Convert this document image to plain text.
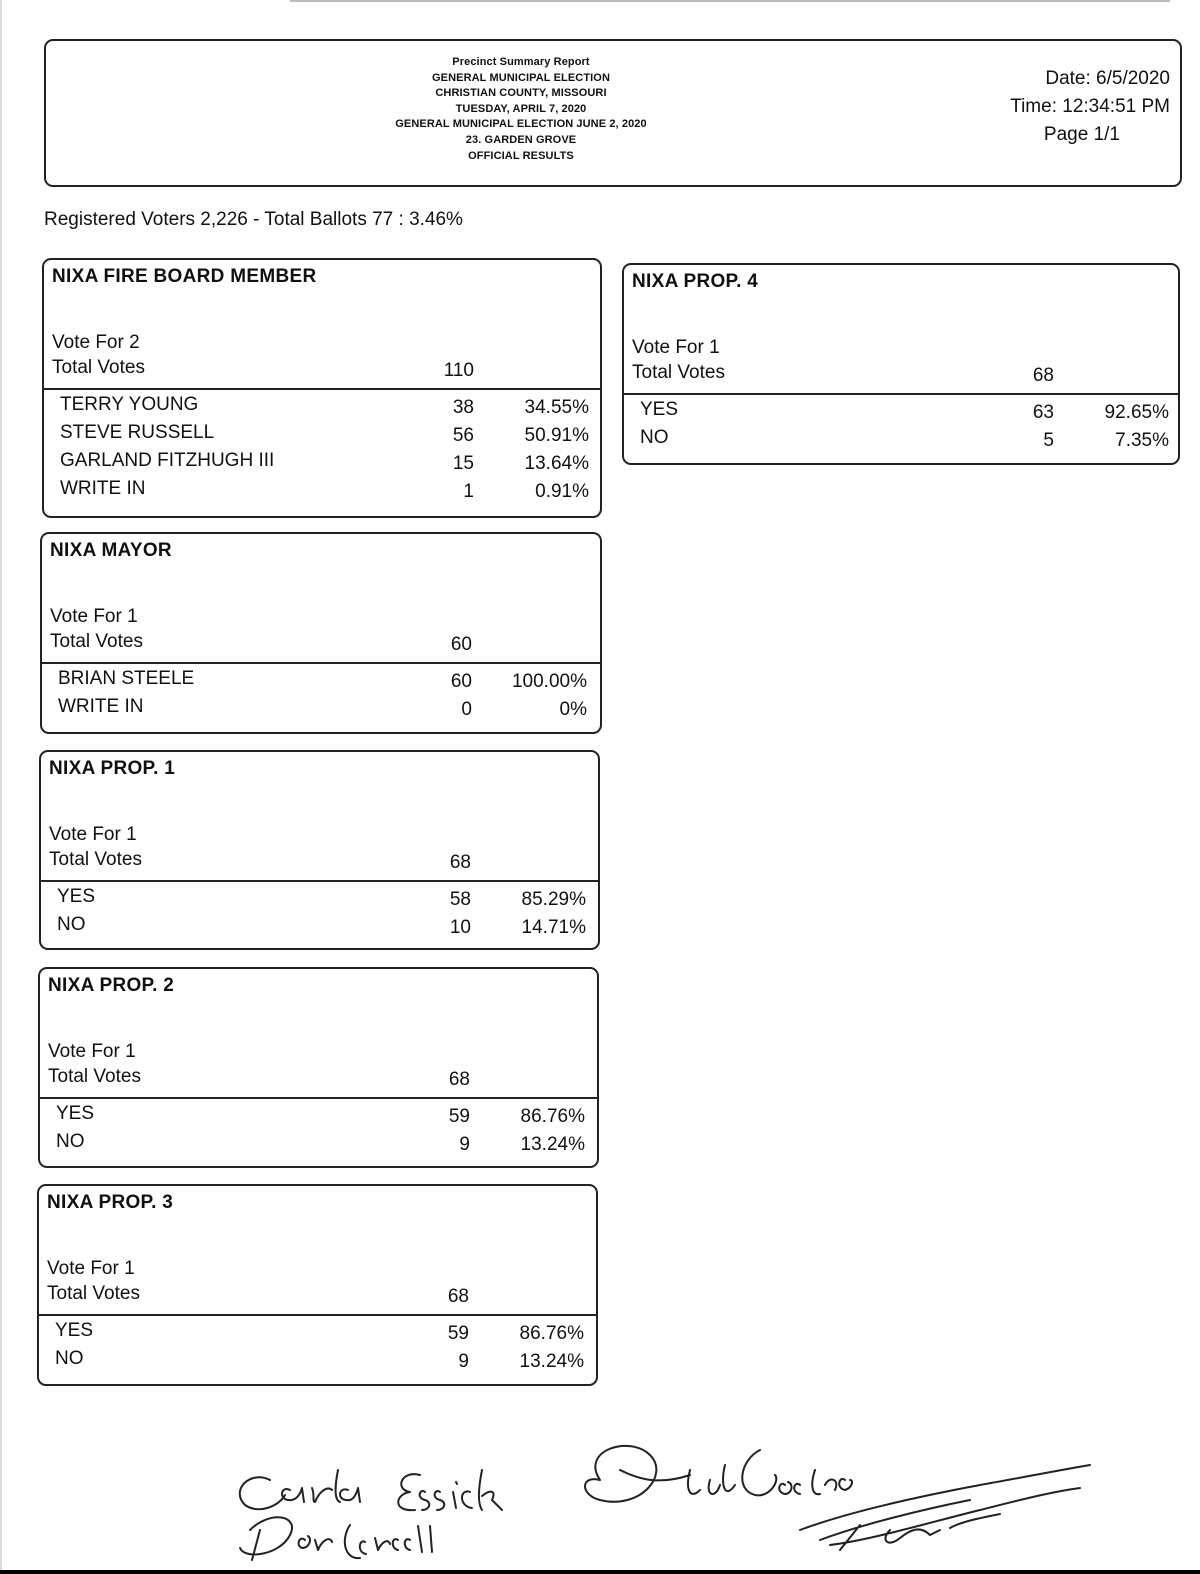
Precinct Summary Report
GENERAL MUNICIPAL ELECTION
CHRISTIAN COUNTY, MISSOURI
TUESDAY, APRIL 7, 2020
GENERAL MUNICIPAL ELECTION JUNE 2, 2020
23. GARDEN GROVE
OFFICIAL RESULTS
Date: 6/5/2020
Time: 12:34:51 PM
Page 1/1
Registered Voters 2,226 - Total Ballots 77 : 3.46%
NIXA FIRE BOARD MEMBER
Vote For 2
Total Votes	110
TERRY YOUNG	38	34.55%
STEVE RUSSELL	56	50.91%
GARLAND FITZHUGH III	15	13.64%
WRITE IN	1	0.91%
NIXA MAYOR
Vote For 1
Total Votes	60
BRIAN STEELE	60	100.00%
WRITE IN	0	0%
NIXA PROP. 1
Vote For 1
Total Votes	68
YES	58	85.29%
NO	10	14.71%
NIXA PROP. 2
Vote For 1
Total Votes	68
YES	59	86.76%
NO	9	13.24%
NIXA PROP. 3
Vote For 1
Total Votes	68
YES	59	86.76%
NO	9	13.24%
NIXA PROP. 4
Vote For 1
Total Votes	68
YES	63	92.65%
NO	5	7.35%
